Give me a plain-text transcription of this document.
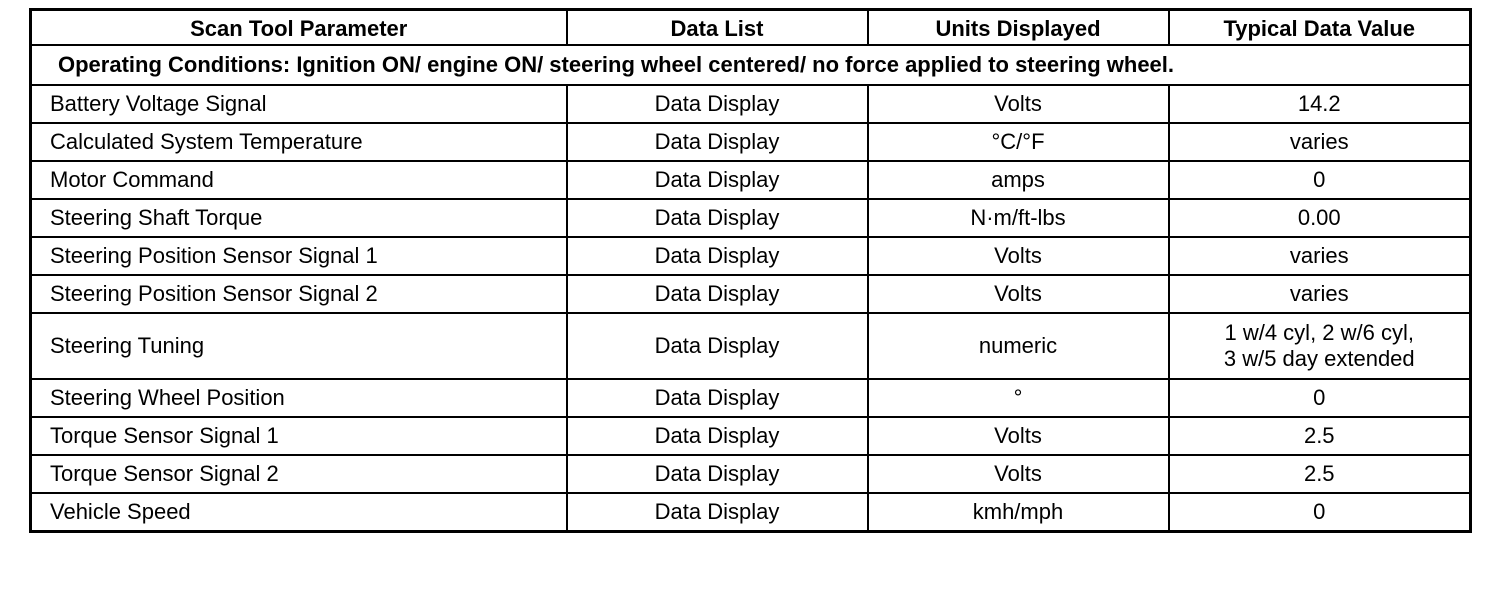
Scan Tool Parameter	Data List	Units Displayed	Typical Data Value
Operating Conditions: Ignition ON/ engine ON/ steering wheel centered/ no force applied to steering wheel.			
Battery Voltage Signal	Data Display	Volts	14.2
Calculated System Temperature	Data Display	°C/°F	varies
Motor Command	Data Display	amps	0
Steering Shaft Torque	Data Display	N·m/ft-lbs	0.00
Steering Position Sensor Signal 1	Data Display	Volts	varies
Steering Position Sensor Signal 2	Data Display	Volts	varies
Steering Tuning	Data Display	numeric	1 w/4 cyl, 2 w/6 cyl,
3 w/5 day extended

Steering Wheel Position	Data Display	°	0
Torque Sensor Signal 1	Data Display	Volts	2.5
Torque Sensor Signal 2	Data Display	Volts	2.5
Vehicle Speed	Data Display	kmh/mph	0
